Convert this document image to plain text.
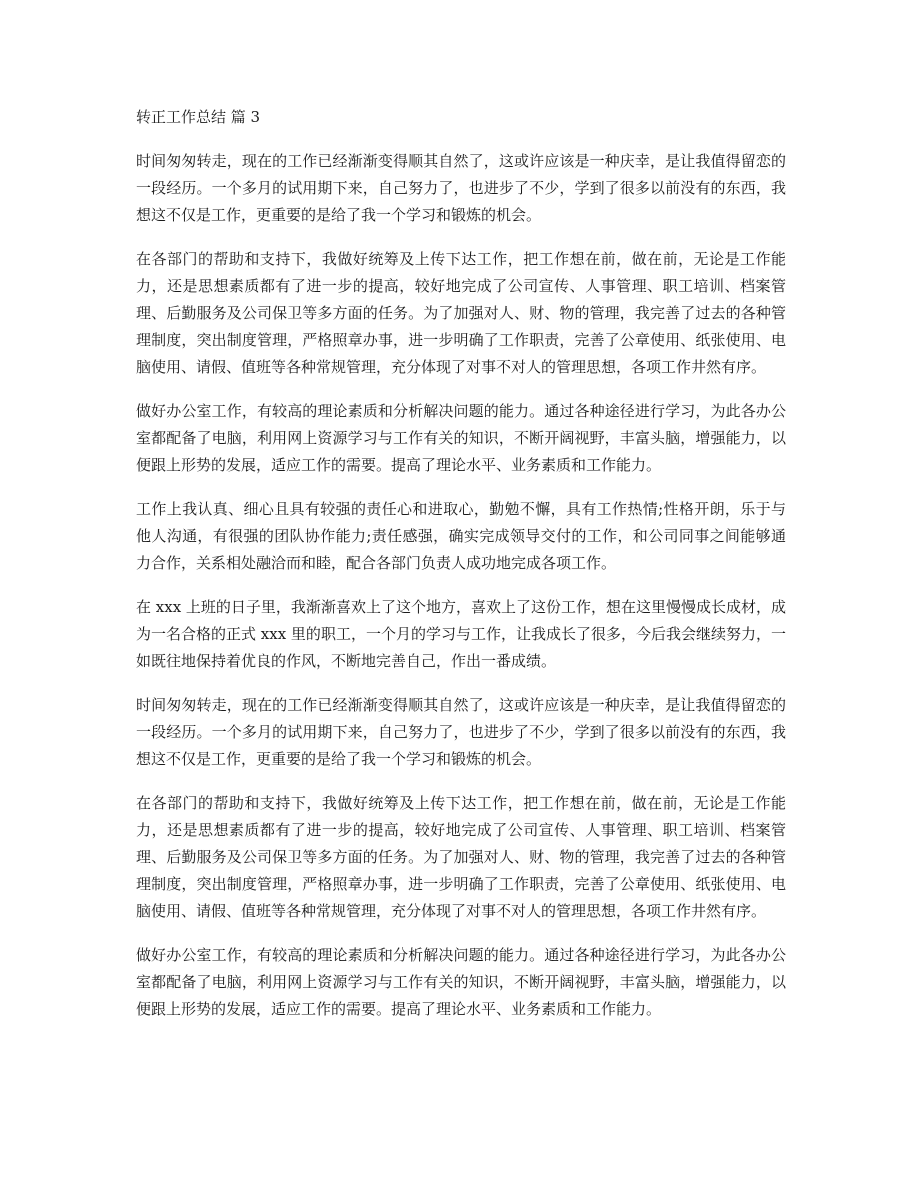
转正工作总结 篇 3

时间匆匆转走，现在的工作已经渐渐变得顺其自然了，这或许应该是一种庆幸，是让我值得留恋的一段经历。一个多月的试用期下来，自己努力了，也进步了不少，学到了很多以前没有的东西，我想这不仅是工作，更重要的是给了我一个学习和锻炼的机会。

在各部门的帮助和支持下，我做好统筹及上传下达工作，把工作想在前，做在前，无论是工作能力，还是思想素质都有了进一步的提高，较好地完成了公司宣传、人事管理、职工培训、档案管理、后勤服务及公司保卫等多方面的任务。为了加强对人、财、物的管理，我完善了过去的各种管理制度，突出制度管理，严格照章办事，进一步明确了工作职责，完善了公章使用、纸张使用、电脑使用、请假、值班等各种常规管理，充分体现了对事不对人的管理思想，各项工作井然有序。

做好办公室工作，有较高的理论素质和分析解决问题的能力。通过各种途径进行学习，为此各办公室都配备了电脑，利用网上资源学习与工作有关的知识，不断开阔视野，丰富头脑，增强能力，以便跟上形势的发展，适应工作的需要。提高了理论水平、业务素质和工作能力。

工作上我认真、细心且具有较强的责任心和进取心，勤勉不懈，具有工作热情;性格开朗，乐于与他人沟通，有很强的团队协作能力;责任感强，确实完成领导交付的工作，和公司同事之间能够通力合作，关系相处融洽而和睦，配合各部门负责人成功地完成各项工作。

在 xxx 上班的日子里，我渐渐喜欢上了这个地方，喜欢上了这份工作，想在这里慢慢成长成材，成为一名合格的正式 xxx 里的职工，一个月的学习与工作，让我成长了很多，今后我会继续努力，一如既往地保持着优良的作风，不断地完善自己，作出一番成绩。

时间匆匆转走，现在的工作已经渐渐变得顺其自然了，这或许应该是一种庆幸，是让我值得留恋的一段经历。一个多月的试用期下来，自己努力了，也进步了不少，学到了很多以前没有的东西，我想这不仅是工作，更重要的是给了我一个学习和锻炼的机会。

在各部门的帮助和支持下，我做好统筹及上传下达工作，把工作想在前，做在前，无论是工作能力，还是思想素质都有了进一步的提高，较好地完成了公司宣传、人事管理、职工培训、档案管理、后勤服务及公司保卫等多方面的任务。为了加强对人、财、物的管理，我完善了过去的各种管理制度，突出制度管理，严格照章办事，进一步明确了工作职责，完善了公章使用、纸张使用、电脑使用、请假、值班等各种常规管理，充分体现了对事不对人的管理思想，各项工作井然有序。

做好办公室工作，有较高的理论素质和分析解决问题的能力。通过各种途径进行学习，为此各办公室都配备了电脑，利用网上资源学习与工作有关的知识，不断开阔视野，丰富头脑，增强能力，以便跟上形势的发展，适应工作的需要。提高了理论水平、业务素质和工作能力。
